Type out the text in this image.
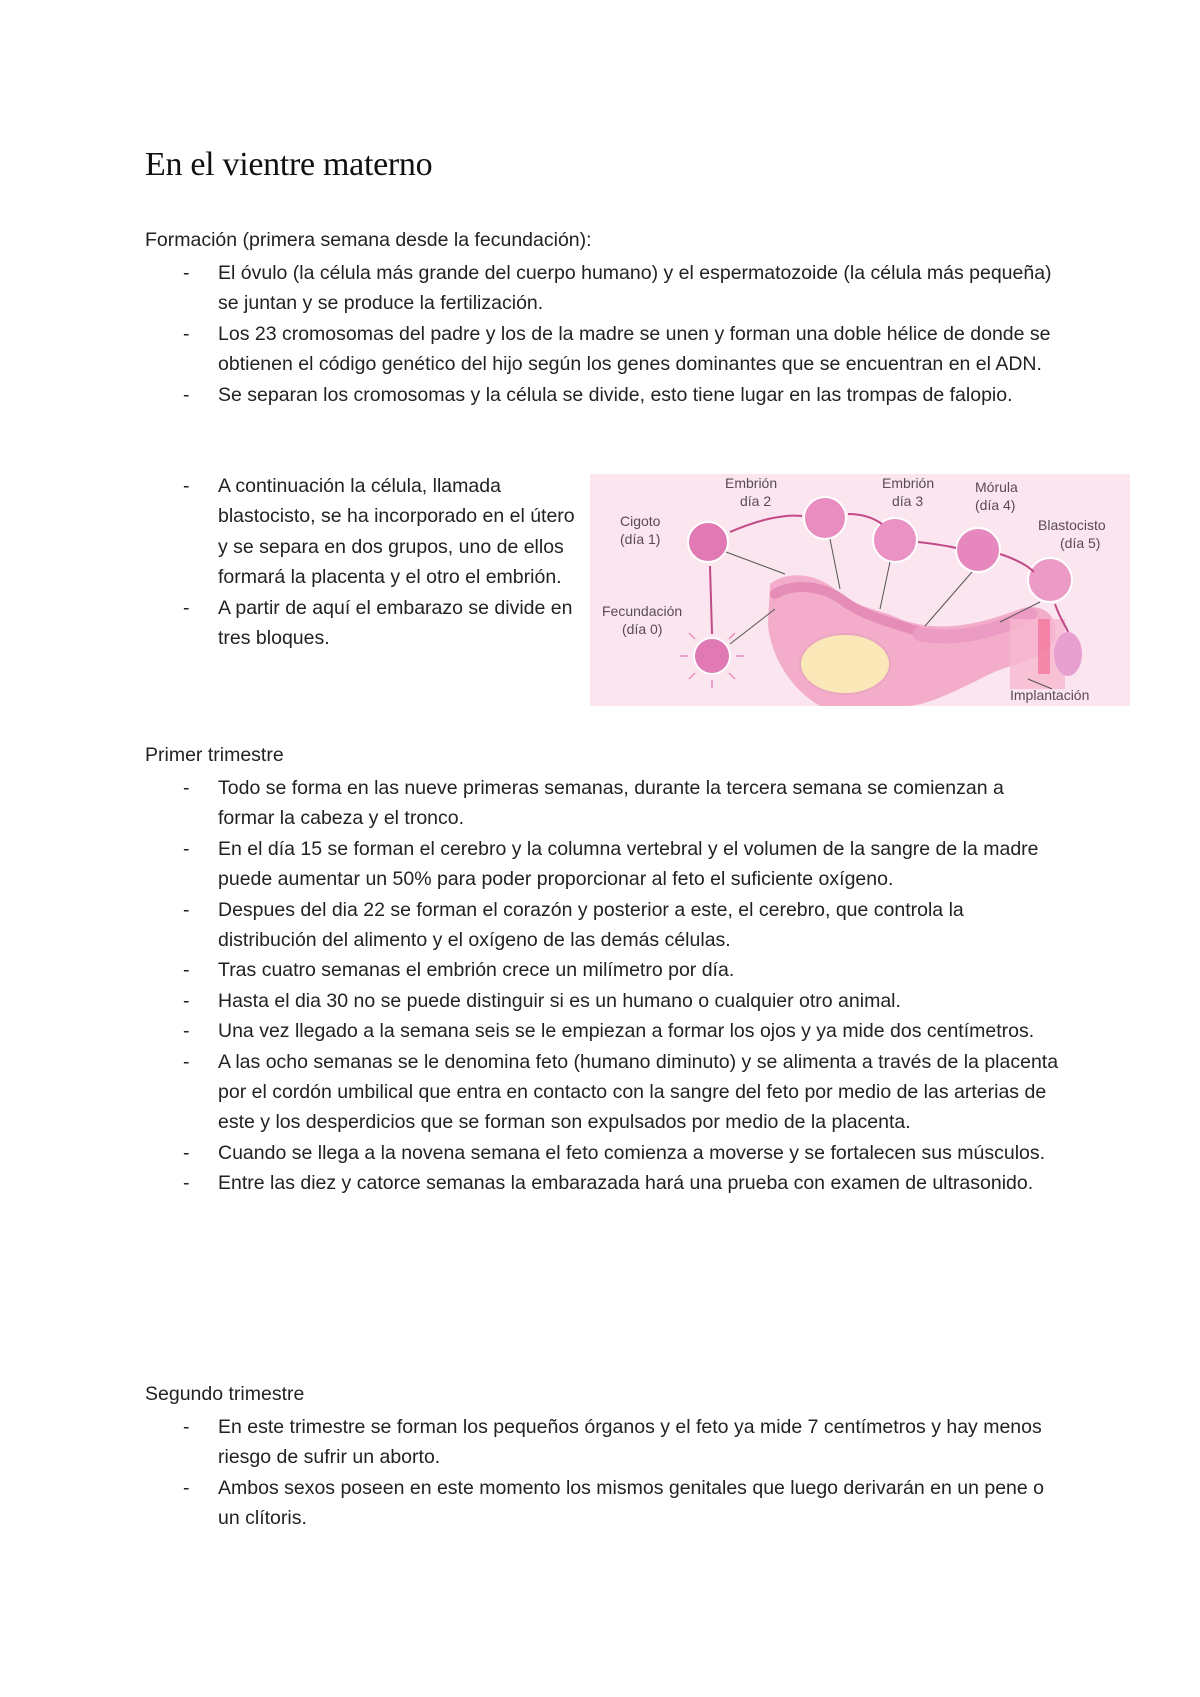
En el vientre materno

Formación (primera semana desde la fecundación):

- El óvulo (la célula más grande del cuerpo humano) y el espermatozoide (la célula más pequeña) se juntan y se produce la fertilización.
- Los 23 cromosomas del padre y los de la madre se unen y forman una doble hélice de donde se obtienen el código genético del hijo según los genes dominantes que se encuentran en el ADN.
- Se separan los cromosomas y la célula se divide, esto tiene lugar en las trompas de falopio.
- A continuación la célula, llamada blastocisto, se ha incorporado en el útero y se separa en dos grupos, uno de ellos formará la placenta y el otro el embrión.
- A partir de aquí el embarazo se divide en tres bloques.
Cigoto
(día 1)
Embrión
día 2
Embrión
día 3
Mórula
(día 4)
Blastocisto
(día 5)
Fecundación
(día 0)
Implantación

Primer trimestre

- Todo se forma en las nueve primeras semanas, durante la tercera semana se comienzan a formar la cabeza y el tronco.
- En el día 15 se forman el cerebro y la columna vertebral y el volumen de la sangre de la madre puede aumentar un 50% para poder proporcionar al feto el suficiente oxígeno.
- Despues del dia 22 se forman el corazón y posterior a este, el cerebro, que controla la distribución del alimento y el oxígeno de las demás células.
- Tras cuatro semanas el embrión crece un milímetro por día.
- Hasta el dia 30 no se puede distinguir si es un humano o cualquier otro animal.
- Una vez llegado a la semana seis se le empiezan a formar los ojos y ya mide dos centímetros.
- A las ocho semanas se le denomina feto (humano diminuto) y se alimenta a través de la placenta por el cordón umbilical que entra en contacto con la sangre del feto por medio de las arterias de este y los desperdicios que se forman son expulsados por medio de la placenta.
- Cuando se llega a la novena semana el feto comienza a moverse y se fortalecen sus músculos.
- Entre las diez y catorce semanas la embarazada hará una prueba con examen de ultrasonido.

Segundo trimestre

- En este trimestre se forman los pequeños órganos y el feto ya mide 7 centímetros y hay menos riesgo de sufrir un aborto.
- Ambos sexos poseen en este momento los mismos genitales que luego derivarán en un pene o un clítoris.
